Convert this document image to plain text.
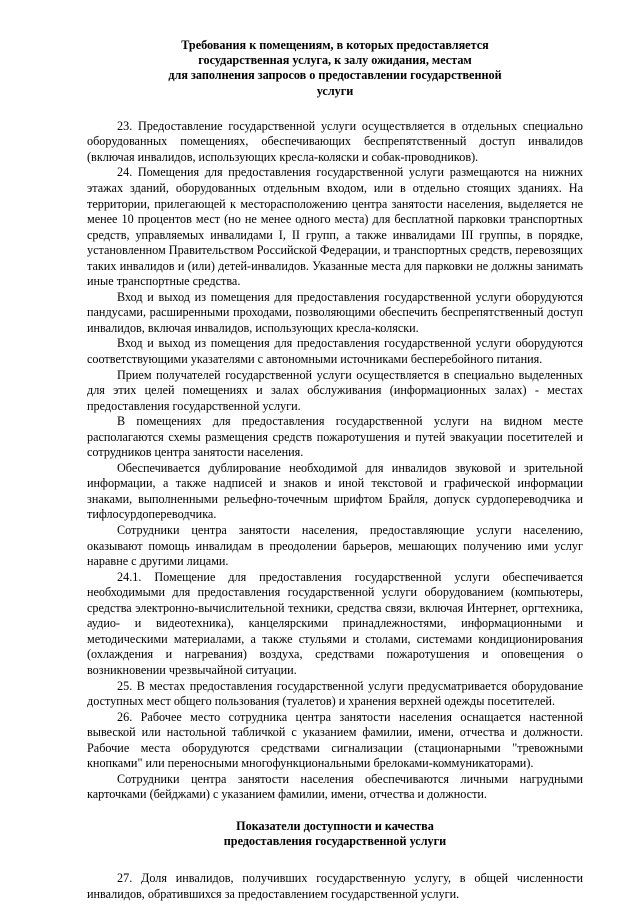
Требования к помещениям, в которых предоставляется
государственная услуга, к залу ожидания, местам
для заполнения запросов о предоставлении государственной
услуги

23. Предоставление государственной услуги осуществляется в отдельных специально оборудованных помещениях, обеспечивающих беспрепятственный доступ инвалидов (включая инвалидов, использующих кресла-коляски и собак-проводников).

24. Помещения для предоставления государственной услуги размещаются на нижних этажах зданий, оборудованных отдельным входом, или в отдельно стоящих зданиях. На территории, прилегающей к месторасположению центра занятости населения, выделяется не менее 10 процентов мест (но не менее одного места) для бесплатной парковки транспортных средств, управляемых инвалидами I, II групп, а также инвалидами III группы, в порядке, установленном Правительством Российской Федерации, и транспортных средств, перевозящих таких инвалидов и (или) детей-инвалидов. Указанные места для парковки не должны занимать иные транспортные средства.

Вход и выход из помещения для предоставления государственной услуги оборудуются пандусами, расширенными проходами, позволяющими обеспечить беспрепятственный доступ инвалидов, включая инвалидов, использующих кресла-коляски.

Вход и выход из помещения для предоставления государственной услуги оборудуются соответствующими указателями с автономными источниками бесперебойного питания.

Прием получателей государственной услуги осуществляется в специально выделенных для этих целей помещениях и залах обслуживания (информационных залах) - местах предоставления государственной услуги.

В помещениях для предоставления государственной услуги на видном месте располагаются схемы размещения средств пожаротушения и путей эвакуации посетителей и сотрудников центра занятости населения.

Обеспечивается дублирование необходимой для инвалидов звуковой и зрительной информации, а также надписей и знаков и иной текстовой и графической информации знаками, выполненными рельефно-точечным шрифтом Брайля, допуск сурдопереводчика и тифлосурдопереводчика.

Сотрудники центра занятости населения, предоставляющие услуги населению, оказывают помощь инвалидам в преодолении барьеров, мешающих получению ими услуг наравне с другими лицами.

24.1. Помещение для предоставления государственной услуги обеспечивается необходимыми для предоставления государственной услуги оборудованием (компьютеры, средства электронно-вычислительной техники, средства связи, включая Интернет, оргтехника, аудио- и видеотехника), канцелярскими принадлежностями, информационными и методическими материалами, а также стульями и столами, системами кондиционирования (охлаждения и нагревания) воздуха, средствами пожаротушения и оповещения о возникновении чрезвычайной ситуации.

25. В местах предоставления государственной услуги предусматривается оборудование доступных мест общего пользования (туалетов) и хранения верхней одежды посетителей.

26. Рабочее место сотрудника центра занятости населения оснащается настенной вывеской или настольной табличкой с указанием фамилии, имени, отчества и должности. Рабочие места оборудуются средствами сигнализации (стационарными "тревожными кнопками" или переносными многофункциональными брелоками-коммуникаторами).

Сотрудники центра занятости населения обеспечиваются личными нагрудными карточками (бейджами) с указанием фамилии, имени, отчества и должности.

Показатели доступности и качества
предоставления государственной услуги

27. Доля инвалидов, получивших государственную услугу, в общей численности инвалидов, обратившихся за предоставлением государственной услуги.
